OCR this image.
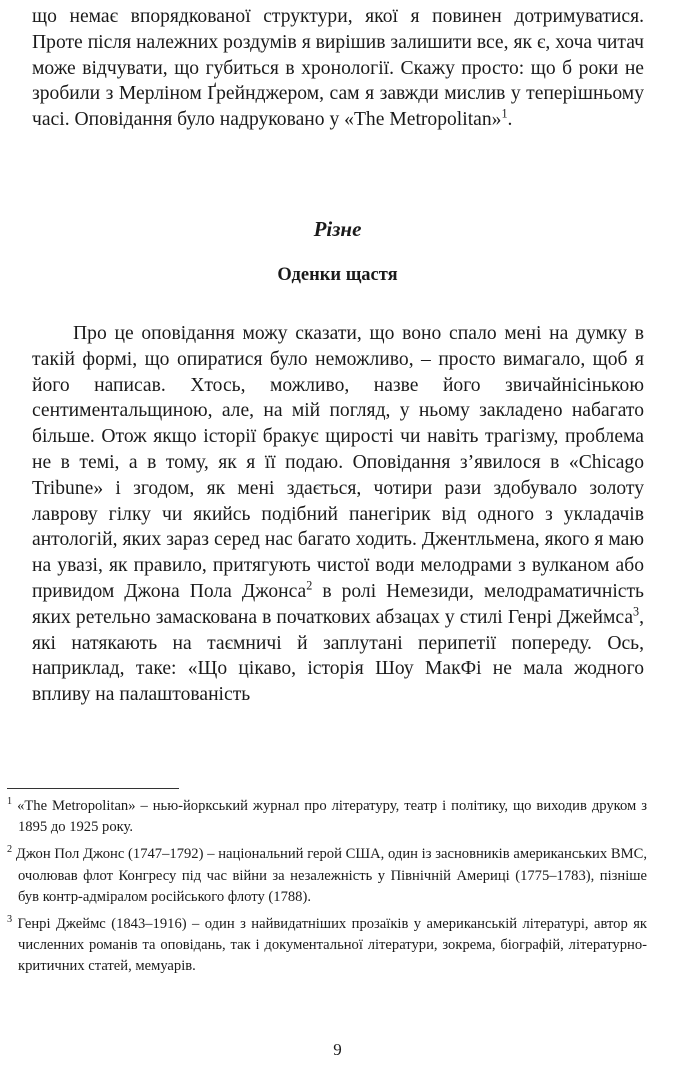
що немає впорядкованої структури, якої я повинен дотримуватися. Проте після належних роздумів я вирішив залишити все, як є, хоча читач може відчувати, що губиться в хронології. Скажу просто: що б роки не зробили з Мерліном Ґрейнджером, сам я завжди мислив у теперішньому часі. Оповідання було надруковано у «The Metropolitan»$^1$.

Різне
Оденки щастя

Про це оповідання можу сказати, що воно спало мені на думку в такій формі, що опиратися було неможливо, – просто вимагало, щоб я його написав. Хтось, можливо, назве його звичайнісінькою сентиментальщиною, але, на мій погляд, у ньому закладено набагато більше. Отож якщо історії бракує щирості чи навіть трагізму, проблема не в темі, а в тому, як я її подаю. Оповідання з’явилося в «Chicago Tribune» і згодом, як мені здається, чотири рази здобувало золоту лаврову гілку чи якийсь подібний панегірик від одного з укладачів антологій, яких зараз серед нас багато ходить. Джентльмена, якого я маю на увазі, як правило, притягують чистої води мелодрами з вулканом або привидом Джона Пола Джонса$^2$ в ролі Немезиди, мелодраматичність яких ретельно замаскована в початкових абзацах у стилі Генрі Джеймса$^3$, які натякають на таємничі й заплутані перипетії попереду. Ось, наприклад, таке: «Що цікаво, історія Шоу МакФі не мала жодного впливу на палаштованість

$^1$ «The Metropolitan» – нью-йоркський журнал про літературу, театр і політику, що виходив друком з 1895 до 1925 року.

$^2$ Джон Пол Джонс (1747–1792) – національний герой США, один із засновників американських ВМС, очолював флот Конгресу під час війни за незалежність у Північній Америці (1775–1783), пізніше був контр-адміралом російського флоту (1788).

$^3$ Генрі Джеймс (1843–1916) – один з найвидатніших прозаїків у американській літературі, автор як численних романів та оповідань, так і документальної літератури, зокрема, біографій, літературно-критичних статей, мемуарів.

9
